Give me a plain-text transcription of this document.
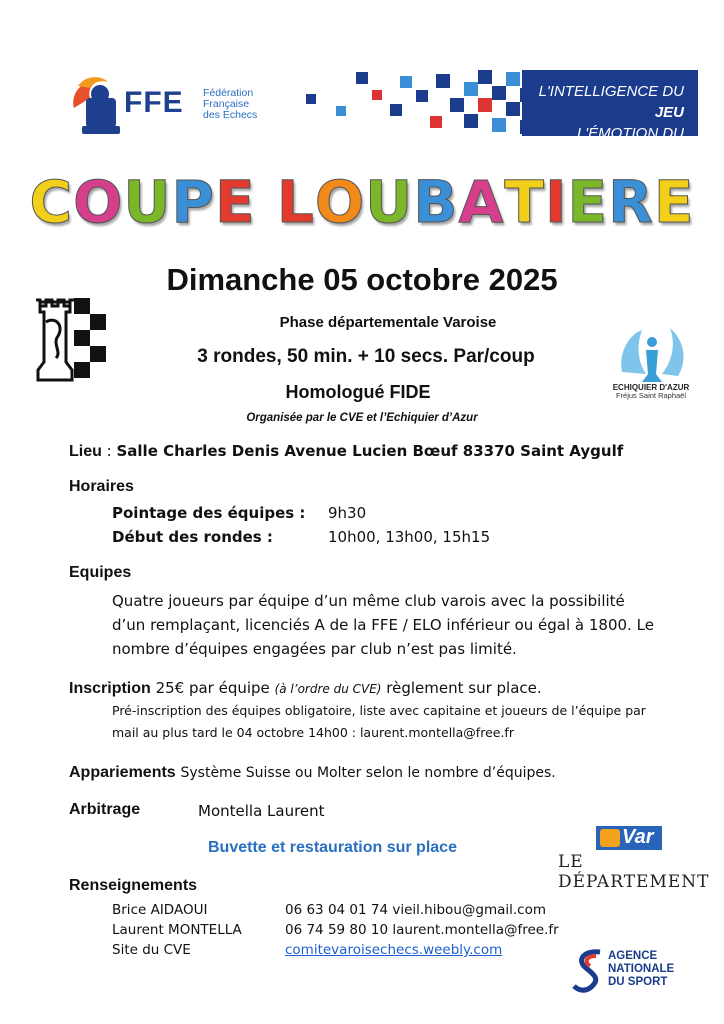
FFE Fédération
Française
des Échecs
L'INTELLIGENCE DU JEU
L'ÉMOTION DU SPORT
COUPE LOUBATIERE
Dimanche 05 octobre 2025
Phase départementale Varoise
3 rondes, 50 min. + 10 secs. Par/coup
Homologué FIDE
Organisée par le CVE et l’Echiquier d’Azur
ECHIQUIER D'AZUR
Fréjus Saint Raphaël
Lieu : Salle Charles Denis Avenue Lucien Bœuf 83370 Saint Aygulf
Horaires
Pointage des équipes : 9h30
Début des rondes :	10h00, 13h00, 15h15
Equipes
Quatre joueurs par équipe d’un même club varois avec la possibilité d’un remplaçant, licenciés A de la FFE / ELO inférieur ou égal à 1800. Le nombre d’équipes engagées par club n’est pas limité.
Inscription 25€ par équipe (à l’ordre du CVE) règlement sur place.
Pré-inscription des équipes obligatoire, liste avec capitaine et joueurs de l’équipe par mail au plus tard le 04 octobre 14h00 : laurent.montella@free.fr
Appariements Système Suisse ou Molter selon le nombre d’équipes.
Arbitrage	Montella Laurent
Buvette et restauration sur place	Var
LE DÉPARTEMENT
Renseignements
Brice AIDAOUI	06 63 04 01 74 vieil.hibou@gmail.com
Laurent MONTELLA	06 74 59 80 10 laurent.montella@free.fr
Site du CVE	comitevaroisechecs.weebly.com	AGENCE
NATIONALE
DU SPORT
